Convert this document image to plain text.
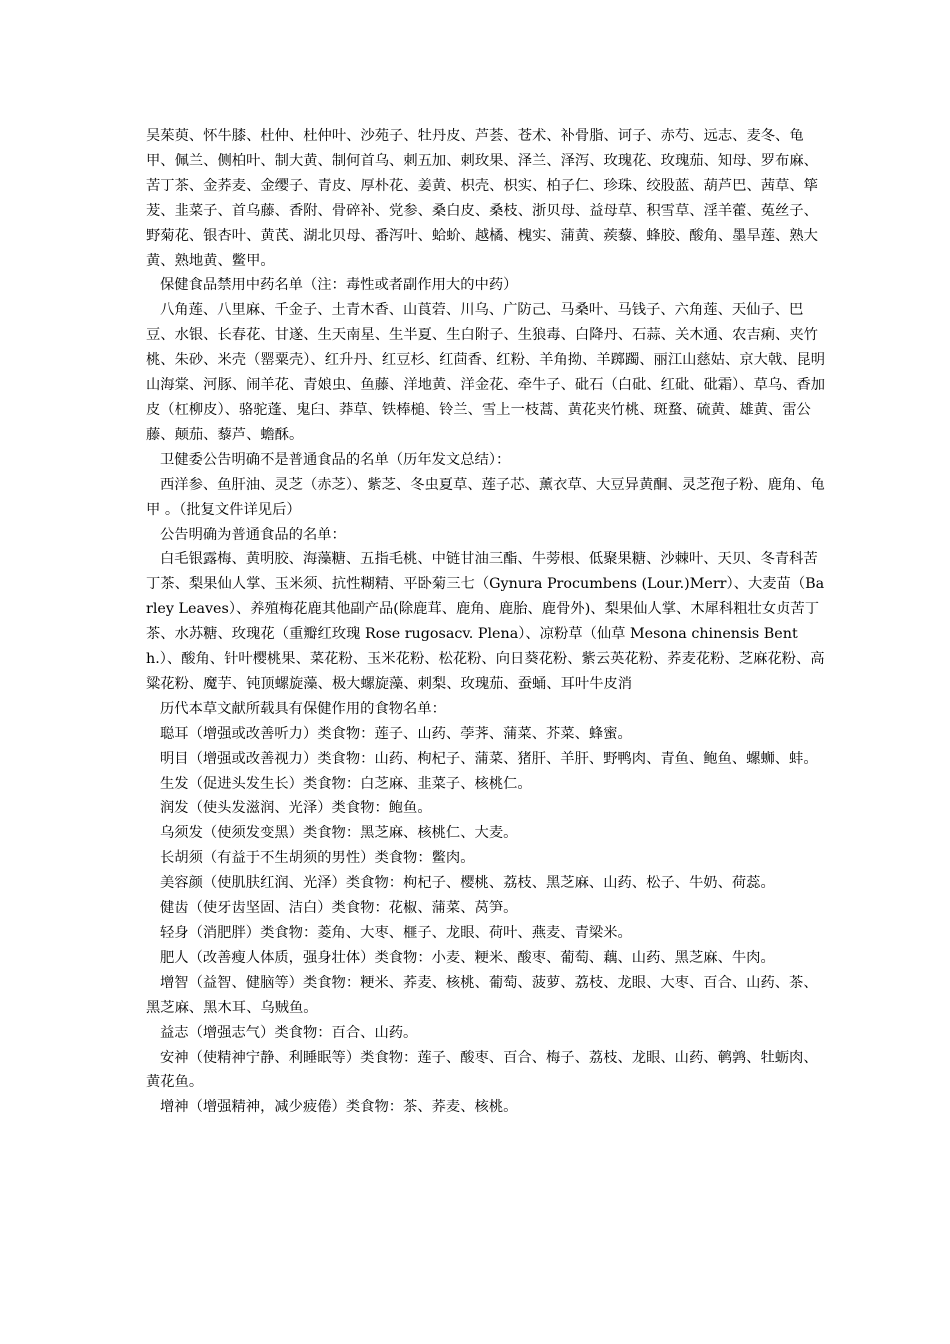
吴茱萸、怀牛膝、杜仲、杜仲叶、沙苑子、牡丹皮、芦荟、苍术、补骨脂、诃子、赤芍、远志、麦冬、龟甲、佩兰、侧柏叶、制大黄、制何首乌、刺五加、刺玫果、泽兰、泽泻、玫瑰花、玫瑰茄、知母、罗布麻、苦丁茶、金荞麦、金缨子、青皮、厚朴花、姜黄、枳壳、枳实、柏子仁、珍珠、绞股蓝、葫芦巴、茜草、筚茇、韭菜子、首乌藤、香附、骨碎补、党参、桑白皮、桑枝、浙贝母、益母草、积雪草、淫羊藿、菟丝子、野菊花、银杏叶、黄芪、湖北贝母、番泻叶、蛤蚧、越橘、槐实、蒲黄、蒺藜、蜂胶、酸角、墨旱莲、熟大黄、熟地黄、鳖甲。

保健食品禁用中药名单（注：毒性或者副作用大的中药）

八角莲、八里麻、千金子、土青木香、山莨菪、川乌、广防己、马桑叶、马钱子、六角莲、天仙子、巴豆、水银、长春花、甘遂、生天南星、生半夏、生白附子、生狼毒、白降丹、石蒜、关木通、农吉痢、夹竹桃、朱砂、米壳（罂粟壳）、红升丹、红豆杉、红茴香、红粉、羊角拗、羊踯躅、丽江山慈姑、京大戟、昆明山海棠、河豚、闹羊花、青娘虫、鱼藤、洋地黄、洋金花、牵牛子、砒石（白砒、红砒、砒霜）、草乌、香加皮（杠柳皮）、骆驼蓬、鬼臼、莽草、铁棒槌、铃兰、雪上一枝蒿、黄花夹竹桃、斑蝥、硫黄、雄黄、雷公藤、颠茄、藜芦、蟾酥。

卫健委公告明确不是普通食品的名单（历年发文总结）：

西洋参、鱼肝油、灵芝（赤芝）、紫芝、冬虫夏草、莲子芯、薰衣草、大豆异黄酮、灵芝孢子粉、鹿角、龟甲 。（批复文件详见后）

公告明确为普通食品的名单：

白毛银露梅、黄明胶、海藻糖、五指毛桃、中链甘油三酯、牛蒡根、低聚果糖、沙棘叶、天贝、冬青科苦丁茶、梨果仙人掌、玉米须、抗性糊精、平卧菊三七（Gynura Procumbens (Lour.)Merr）、大麦苗（Barley Leaves）、养殖梅花鹿其他副产品(除鹿茸、鹿角、鹿胎、鹿骨外)、梨果仙人掌、木犀科粗壮女贞苦丁茶、水苏糖、玫瑰花（重瓣红玫瑰 Rose rugosacv. Plena）、凉粉草（仙草 Mesona chinensis Benth.）、酸角、针叶樱桃果、菜花粉、玉米花粉、松花粉、向日葵花粉、紫云英花粉、荞麦花粉、芝麻花粉、高粱花粉、魔芋、钝顶螺旋藻、极大螺旋藻、刺梨、玫瑰茄、蚕蛹、耳叶牛皮消

历代本草文献所载具有保健作用的食物名单：

聪耳（增强或改善听力）类食物：莲子、山药、荸荠、蒲菜、芥菜、蜂蜜。

明目（增强或改善视力）类食物：山药、枸杞子、蒲菜、猪肝、羊肝、野鸭肉、青鱼、鲍鱼、螺蛳、蚌。

生发（促进头发生长）类食物：白芝麻、韭菜子、核桃仁。

润发（使头发滋润、光泽）类食物：鲍鱼。

乌须发（使须发变黑）类食物：黑芝麻、核桃仁、大麦。

长胡须（有益于不生胡须的男性）类食物：鳖肉。

美容颜（使肌肤红润、光泽）类食物：枸杞子、樱桃、荔枝、黑芝麻、山药、松子、牛奶、荷蕊。

健齿（使牙齿坚固、洁白）类食物：花椒、蒲菜、莴笋。

轻身（消肥胖）类食物：菱角、大枣、榧子、龙眼、荷叶、燕麦、青梁米。

肥人（改善瘦人体质，强身壮体）类食物：小麦、粳米、酸枣、葡萄、藕、山药、黑芝麻、牛肉。

增智（益智、健脑等）类食物：粳米、荞麦、核桃、葡萄、菠萝、荔枝、龙眼、大枣、百合、山药、茶、黑芝麻、黑木耳、乌贼鱼。

益志（增强志气）类食物：百合、山药。

安神（使精神宁静、利睡眠等）类食物：莲子、酸枣、百合、梅子、荔枝、龙眼、山药、鹌鹑、牡蛎肉、黄花鱼。

增神（增强精神，减少疲倦）类食物：茶、荞麦、核桃。
